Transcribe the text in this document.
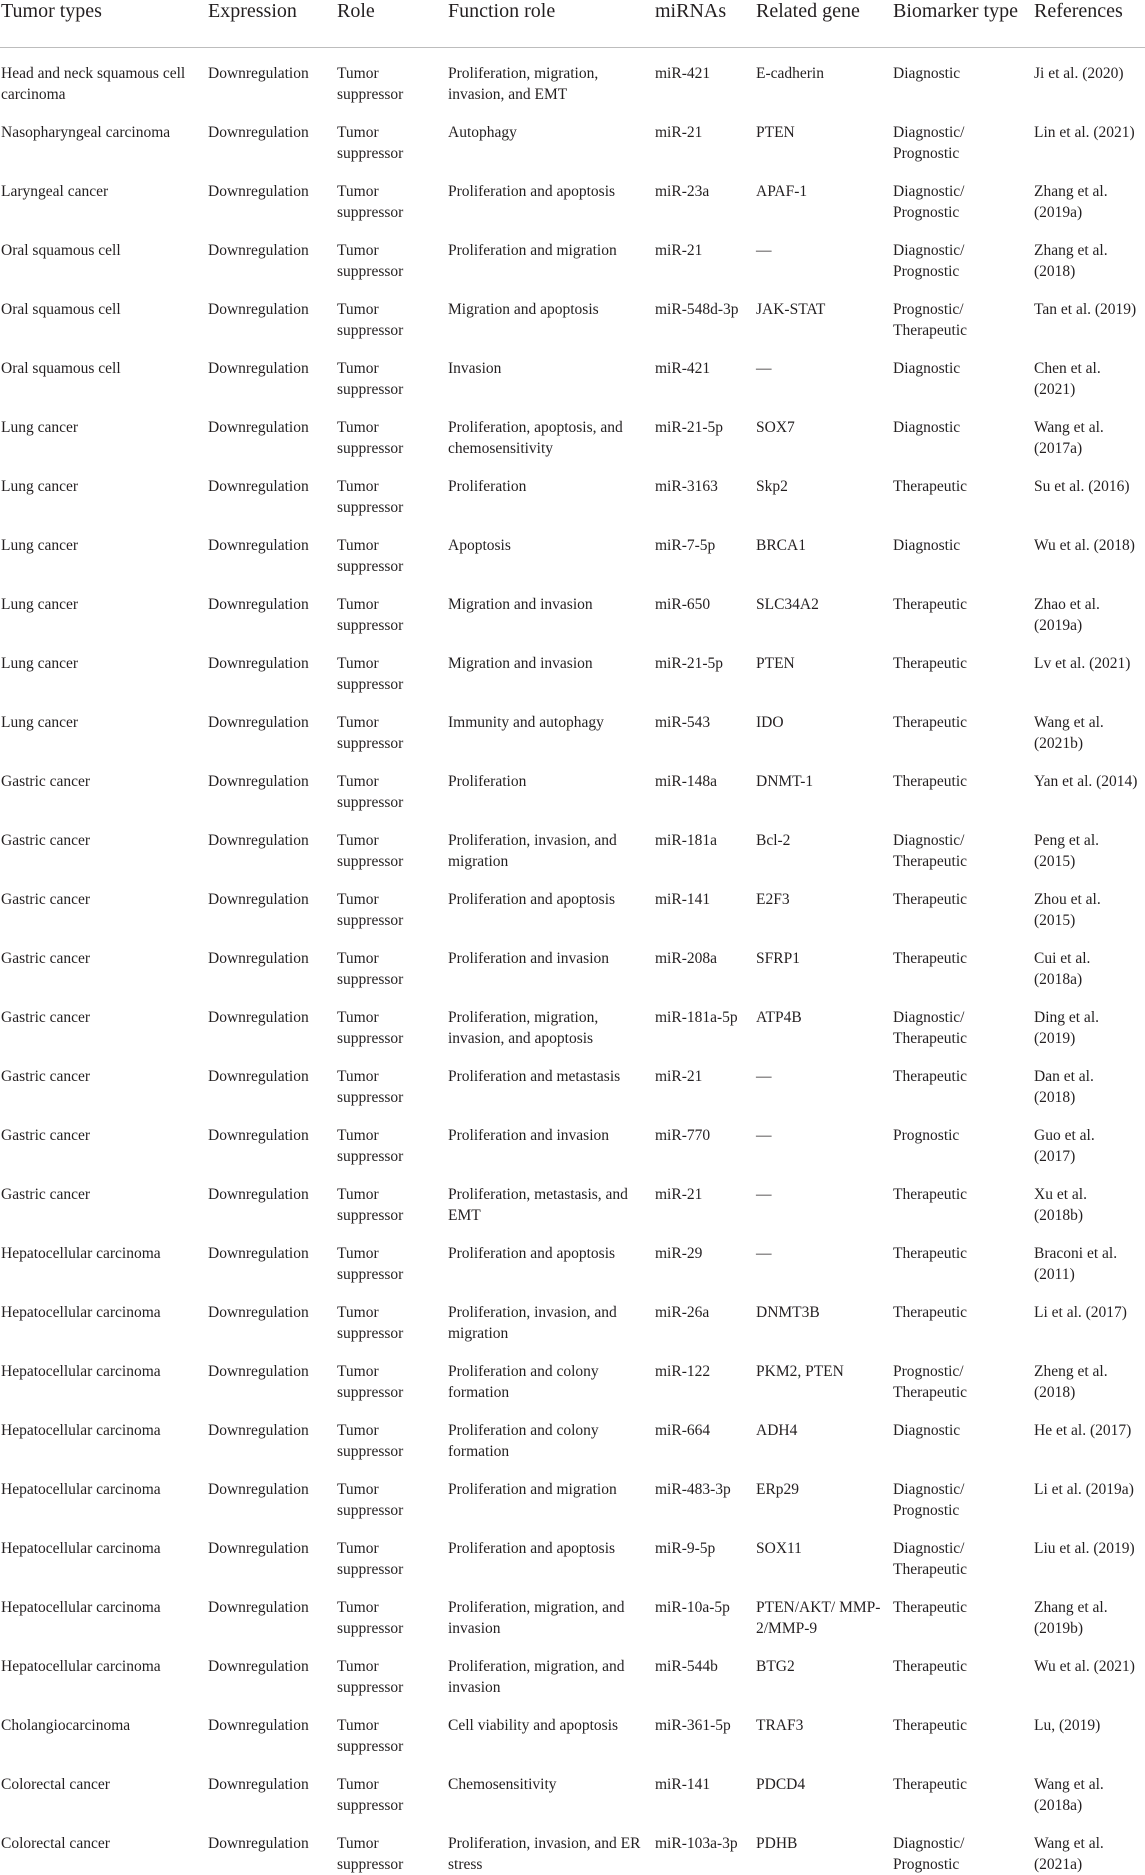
Tumor types	Expression	Role	Function role	miRNAs	Related gene	Biomarker type	References
Head and neck squamous cell carcinoma	Downregulation	Tumor suppressor	Proliferation, migration, invasion, and EMT	miR-421	E-cadherin	Diagnostic	Ji et al. (2020)
Nasopharyngeal carcinoma	Downregulation	Tumor suppressor	Autophagy	miR-21	PTEN	Diagnostic/ Prognostic	Lin et al. (2021)
Laryngeal cancer	Downregulation	Tumor suppressor	Proliferation and apoptosis	miR-23a	APAF-1	Diagnostic/ Prognostic	Zhang et al. (2019a)
Oral squamous cell	Downregulation	Tumor suppressor	Proliferation and migration	miR-21	—	Diagnostic/ Prognostic	Zhang et al. (2018)
Oral squamous cell	Downregulation	Tumor suppressor	Migration and apoptosis	miR-548d-3p	JAK-STAT	Prognostic/ Therapeutic	Tan et al. (2019)
Oral squamous cell	Downregulation	Tumor suppressor	Invasion	miR-421	—	Diagnostic	Chen et al. (2021)
Lung cancer	Downregulation	Tumor suppressor	Proliferation, apoptosis, and chemosensitivity	miR-21-5p	SOX7	Diagnostic	Wang et al. (2017a)
Lung cancer	Downregulation	Tumor suppressor	Proliferation	miR-3163	Skp2	Therapeutic	Su et al. (2016)
Lung cancer	Downregulation	Tumor suppressor	Apoptosis	miR-7-5p	BRCA1	Diagnostic	Wu et al. (2018)
Lung cancer	Downregulation	Tumor suppressor	Migration and invasion	miR-650	SLC34A2	Therapeutic	Zhao et al. (2019a)
Lung cancer	Downregulation	Tumor suppressor	Migration and invasion	miR-21-5p	PTEN	Therapeutic	Lv et al. (2021)
Lung cancer	Downregulation	Tumor suppressor	Immunity and autophagy	miR-543	IDO	Therapeutic	Wang et al. (2021b)
Gastric cancer	Downregulation	Tumor suppressor	Proliferation	miR-148a	DNMT-1	Therapeutic	Yan et al. (2014)
Gastric cancer	Downregulation	Tumor suppressor	Proliferation, invasion, and migration	miR-181a	Bcl-2	Diagnostic/ Therapeutic	Peng et al. (2015)
Gastric cancer	Downregulation	Tumor suppressor	Proliferation and apoptosis	miR-141	E2F3	Therapeutic	Zhou et al. (2015)
Gastric cancer	Downregulation	Tumor suppressor	Proliferation and invasion	miR-208a	SFRP1	Therapeutic	Cui et al. (2018a)
Gastric cancer	Downregulation	Tumor suppressor	Proliferation, migration, invasion, and apoptosis	miR-181a-5p	ATP4B	Diagnostic/ Therapeutic	Ding et al. (2019)
Gastric cancer	Downregulation	Tumor suppressor	Proliferation and metastasis	miR-21	—	Therapeutic	Dan et al. (2018)
Gastric cancer	Downregulation	Tumor suppressor	Proliferation and invasion	miR-770	—	Prognostic	Guo et al. (2017)
Gastric cancer	Downregulation	Tumor suppressor	Proliferation, metastasis, and EMT	miR-21	—	Therapeutic	Xu et al. (2018b)
Hepatocellular carcinoma	Downregulation	Tumor suppressor	Proliferation and apoptosis	miR-29	—	Therapeutic	Braconi et al. (2011)
Hepatocellular carcinoma	Downregulation	Tumor suppressor	Proliferation, invasion, and migration	miR-26a	DNMT3B	Therapeutic	Li et al. (2017)
Hepatocellular carcinoma	Downregulation	Tumor suppressor	Proliferation and colony formation	miR-122	PKM2, PTEN	Prognostic/ Therapeutic	Zheng et al. (2018)
Hepatocellular carcinoma	Downregulation	Tumor suppressor	Proliferation and colony formation	miR-664	ADH4	Diagnostic	He et al. (2017)
Hepatocellular carcinoma	Downregulation	Tumor suppressor	Proliferation and migration	miR-483-3p	ERp29	Diagnostic/ Prognostic	Li et al. (2019a)
Hepatocellular carcinoma	Downregulation	Tumor suppressor	Proliferation and apoptosis	miR-9-5p	SOX11	Diagnostic/ Therapeutic	Liu et al. (2019)
Hepatocellular carcinoma	Downregulation	Tumor suppressor	Proliferation, migration, and invasion	miR-10a-5p	PTEN/AKT/ MMP-2/MMP-9	Therapeutic	Zhang et al. (2019b)
Hepatocellular carcinoma	Downregulation	Tumor suppressor	Proliferation, migration, and invasion	miR-544b	BTG2	Therapeutic	Wu et al. (2021)
Cholangiocarcinoma	Downregulation	Tumor suppressor	Cell viability and apoptosis	miR-361-5p	TRAF3	Therapeutic	Lu, (2019)
Colorectal cancer	Downregulation	Tumor suppressor	Chemosensitivity	miR-141	PDCD4	Therapeutic	Wang et al. (2018a)
Colorectal cancer	Downregulation	Tumor suppressor	Proliferation, invasion, and ER stress	miR-103a-3p	PDHB	Diagnostic/ Prognostic	Wang et al. (2021a)
